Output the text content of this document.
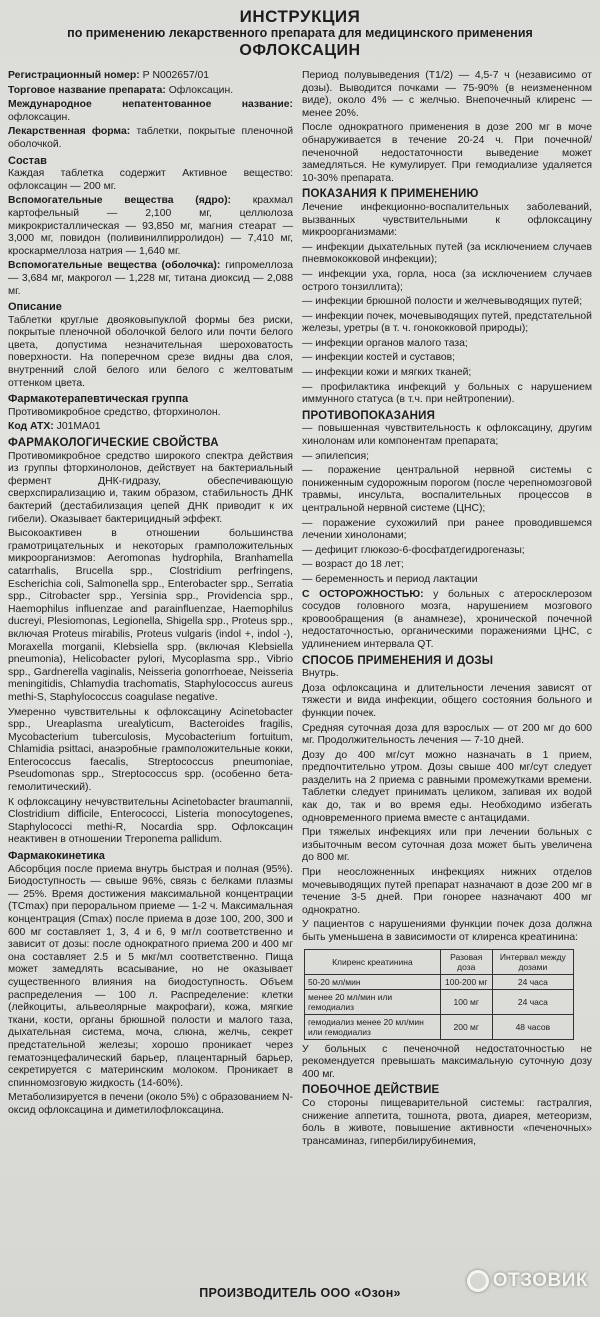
ИНСТРУКЦИЯ
по применению лекарственного препарата для медицинского применения
ОФЛОКСАЦИН

Регистрационный номер: Р N002657/01

Торговое название препарата: Офлоксацин.

Международное непатентованное название: офлоксацин.

Лекарственная форма: таблетки, покрытые пленочной оболочкой.

Состав

Каждая таблетка содержит Активное вещество: офлоксацин — 200 мг.

Вспомогательные вещества (ядро): крахмал картофельный — 2,100 мг, целлюлоза микрокристаллическая — 93,850 мг, магния стеарат — 3,000 мг, повидон (поливинилпирролидон) — 7,410 мг, кроскармеллоза натрия — 1,640 мг.

Вспомогательные вещества (оболочка): гипромеллоза — 3,684 мг, макрогол — 1,228 мг, титана диоксид — 2,088 мг.

Описание

Таблетки круглые двояковыпуклой формы без риски, покрытые пленочной оболочкой белого или почти белого цвета, допустима незначительная шероховатость поверхности. На поперечном срезе видны два слоя, внутренний слой белого или белого с желтоватым оттенком цвета.

Фармакотерапевтическая группа

Противомикробное средство, фторхинолон.

Код АТХ: J01MA01

ФАРМАКОЛОГИЧЕСКИЕ СВОЙСТВА

Противомикробное средство широкого спектра действия из группы фторхинолонов, действует на бактериальный фермент ДНК-гидразу, обеспечивающую сверхспирализацию и, таким образом, стабильность ДНК бактерий (дестабилизация цепей ДНК приводит к их гибели). Оказывает бактерицидный эффект.

Высокоактивен в отношении большинства грамотрицательных и некоторых грамположительных микроорганизмов: Aeromonas hydrophila, Branhamella catarrhalis, Brucella spp., Clostridium perfringens, Escherichia coli, Salmonella spp., Enterobacter spp., Serratia spp., Citrobacter spp., Yersinia spp., Providencia spp., Haemophilus influenzae and parainfluenzae, Haemophilus ducreyi, Plesiomonas, Legionella, Shigella spp., Proteus spp., включая Proteus mirabilis, Proteus vulgaris (indol +, indol -), Moraxella morganii, Klebsiella spp. (включая Klebsiella pneumonia), Helicobacter pylori, Mycoplasma spp., Vibrio spp., Gardnerella vaginalis, Neisseria gonorrhoeae, Neisseria meningitidis, Chlamydia trachomatis, Staphylococcus aureus methi-S, Staphylococcus coagulase negative.

Умеренно чувствительны к офлоксацину Acinetobacter spp., Ureaplasma urealyticum, Bacteroides fragilis, Mycobacterium tuberculosis, Mycobacterium fortuitum, Chlamidia psittaci, анаэробные грамположительные кокки, Enterococcus faecalis, Streptococcus pneumoniae, Pseudomonas spp., Streptococcus spp. (особенно бета-гемолитический).

К офлоксацину нечувствительны Acinetobacter braumannii, Clostridium difficile, Enterococci, Listeria monocytogenes, Staphylococci methi-R, Nocardia spp. Офлоксацин неактивен в отношении Treponema pallidum.

Фармакокинетика

Абсорбция после приема внутрь быстрая и полная (95%). Биодоступность — свыше 96%, связь с белками плазмы — 25%. Время достижения максимальной концентрации (TCmax) при пероральном приеме — 1-2 ч. Максимальная концентрация (Cmax) после приема в дозе 100, 200, 300 и 600 мг составляет 1, 3, 4 и 6, 9 мг/л соответственно и зависит от дозы: после однократного приема 200 и 400 мг она составляет 2.5 и 5 мкг/мл соответственно. Пища может замедлять всасывание, но не оказывает существенного влияния на биодоступность. Объем распределения — 100 л. Распределение: клетки (лейкоциты, альвеолярные макрофаги), кожа, мягкие ткани, кости, органы брюшной полости и малого таза, дыхательная система, моча, слюна, желчь, секрет предстательной железы; хорошо проникает через гематоэнцефалический барьер, плацентарный барьер, секретируется с материнским молоком. Проникает в спинномозговую жидкость (14-60%).

Метаболизируется в печени (около 5%) с образованием N-оксид офлоксацина и диметилофлоксацина.

Период полувыведения (T1/2) — 4,5-7 ч (независимо от дозы). Выводится почками — 75-90% (в неизмененном виде), около 4% — с желчью. Внепочечный клиренс — менее 20%.

После однократного применения в дозе 200 мг в моче обнаруживается в течение 20-24 ч. При почечной/печеночной недостаточности выведение может замедляться. Не кумулирует. При гемодиализе удаляется 10-30% препарата.

ПОКАЗАНИЯ К ПРИМЕНЕНИЮ

Лечение инфекционно-воспалительных заболеваний, вызванных чувствительными к офлоксацину микроорганизмами:

— инфекции дыхательных путей (за исключением случаев пневмококковой инфекции);

— инфекции уха, горла, носа (за исключением случаев острого тонзиллита);

— инфекции брюшной полости и желчевыводящих путей;

— инфекции почек, мочевыводящих путей, предстательной железы, уретры (в т. ч. гонококковой природы);

— инфекции органов малого таза;

— инфекции костей и суставов;

— инфекции кожи и мягких тканей;

— профилактика инфекций у больных с нарушением иммунного статуса (в т.ч. при нейтропении).

ПРОТИВОПОКАЗАНИЯ

— повышенная чувствительность к офлоксацину, другим хинолонам или компонентам препарата;

— эпилепсия;

— поражение центральной нервной системы с пониженным судорожным порогом (после черепномозговой травмы, инсульта, воспалительных процессов в центральной нервной системе (ЦНС);

— поражение сухожилий при ранее проводившемся лечении хинолонами;

— дефицит глюкозо-6-фосфатдегидрогеназы;

— возраст до 18 лет;

— беременность и период лактации

С ОСТОРОЖНОСТЬЮ: у больных с атеросклерозом сосудов головного мозга, нарушением мозгового кровообращения (в анамнезе), хронической почечной недостаточностью, органическими поражениями ЦНС, с удлинением интервала QT.

СПОСОБ ПРИМЕНЕНИЯ И ДОЗЫ

Внутрь.

Доза офлоксацина и длительности лечения зависят от тяжести и вида инфекции, общего состояния больного и функции почек.

Средняя суточная доза для взрослых — от 200 мг до 600 мг. Продолжительность лечения — 7-10 дней.

Дозу до 400 мг/сут можно назначать в 1 прием, предпочтительно утром. Дозы свыше 400 мг/сут следует разделить на 2 приема с равными промежутками времени. Таблетки следует принимать целиком, запивая их водой как до, так и во время еды. Необходимо избегать одновременного приема вместе с антацидами.

При тяжелых инфекциях или при лечении больных с избыточным весом суточная доза может быть увеличена до 800 мг.

При неосложненных инфекциях нижних отделов мочевыводящих путей препарат назначают в дозе 200 мг в течение 3-5 дней. При гонорее назначают 400 мг однократно.

У пациентов с нарушениями функции почек доза должна быть уменьшена в зависимости от клиренса креатинина:

Клиренс креатинина	Разовая доза	Интервал между дозами
50-20 мл/мин	100-200 мг	24 часа
менее 20 мл/мин или гемодиализ	100 мг	24 часа
гемодиализ менее 20 мл/мин или гемодиализ	200 мг	48 часов

У больных с печеночной недостаточностью не рекомендуется превышать максимальную суточную дозу 400 мг.

ПОБОЧНОЕ ДЕЙСТВИЕ

Со стороны пищеварительной системы: гастралгия, снижение аппетита, тошнота, рвота, диарея, метеоризм, боль в животе, повышение активности «печеночных» трансаминаз, гипербилирубинемия,

ПРОИЗВОДИТЕЛЬ ООО «Озон»
ОТЗОВИК
